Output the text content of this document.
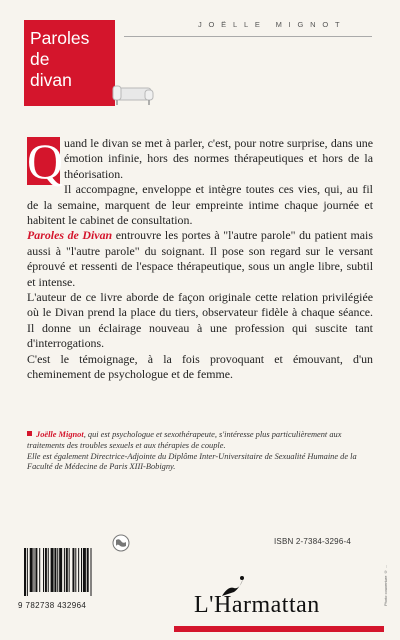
Paroles
de
divan
JOËLLE MIGNOT

Q uand le divan se met à parler, c'est, pour notre surprise, dans une émotion infinie, hors des normes thérapeutiques et hors de la théorisation.

Il accompagne, enveloppe et intègre toutes ces vies, qui, au fil de la semaine, marquent de leur empreinte intime chaque journée et habitent le cabinet de consultation.

Paroles de Divan entrouvre les portes à "l'autre parole" du patient mais aussi à "l'autre parole" du soignant. Il pose son regard sur le versant éprouvé et ressenti de l'espace thérapeutique, sous un angle libre, subtil et intense.

L'auteur de ce livre aborde de façon originale cette relation privilégiée où le Divan prend la place du tiers, observateur fidèle à chaque séance. Il donne un éclairage nouveau à une profession qui suscite tant d'interrogations.

C'est le témoignage, à la fois provoquant et émouvant, d'un cheminement de psychologue et de femme.

Joëlle Mignot, qui est psychologue et sexothérapeute, s'intéresse plus particulièrement aux traitements des troubles sexuels et aux thérapies de couple.
Elle est également Directrice-Adjointe du Diplôme Inter-Universitaire de Sexualité Humaine de la Faculté de Médecine de Paris XIII-Bobigny.
ISBN 2-7384-3296-4
9 782738 432964	L'Harmattan	Photo couverture © ...
